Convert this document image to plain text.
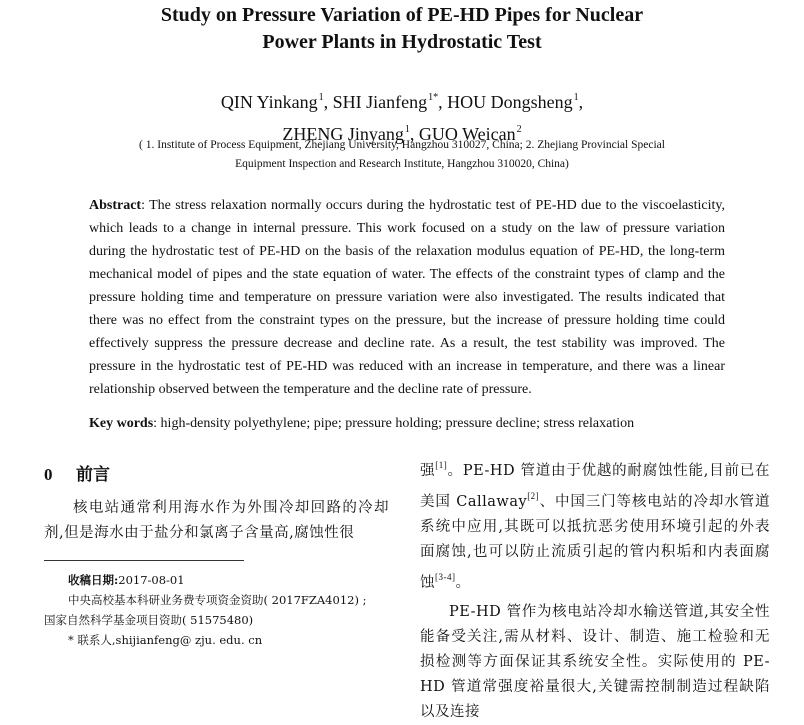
Study on Pressure Variation of PE-HD Pipes for Nuclear
Power Plants in Hydrostatic Test
QIN Yinkang$^1$, SHI Jianfeng$^{1*}$, HOU Dongsheng$^1$,
ZHENG Jinyang$^1$, GUO Weican$^2$
( 1. Institute of Process Equipment, Zhejiang University, Hangzhou 310027, China; 2. Zhejiang Provincial Special
Equipment Inspection and Research Institute, Hangzhou 310020, China)
Abstract: The stress relaxation normally occurs during the hydrostatic test of PE-HD due to the viscoelasticity, which leads to a change in internal pressure. This work focused on a study on the law of pressure variation during the hydrostatic test of PE-HD on the basis of the relaxation modulus equation of PE-HD, the long-term mechanical model of pipes and the state equation of water. The effects of the constraint types of clamp and the pressure holding time and temperature on pressure variation were also investigated. The results indicated that there was no effect from the constraint types on the pressure, but the increase of pressure holding time could effectively suppress the pressure decrease and decline rate. As a result, the test stability was improved. The pressure in the hydrostatic test of PE-HD was reduced with an increase in temperature, and there was a linear relationship observed between the temperature and the decline rate of pressure.
Key words: high-density polyethylene; pipe; pressure holding; pressure decline; stress relaxation
0 前言
核电站通常利用海水作为外围冷却回路的冷却剂,但是海水由于盐分和氯离子含量高,腐蚀性很
收稿日期:2017-08-01
中央高校基本科研业务费专项资金资助( 2017FZA4012) ;
国家自然科学基金项目资助( 51575480)
* 联系人,shijianfeng@ zju. edu. cn
强[1]。PE-HD 管道由于优越的耐腐蚀性能,目前已在美国 Callaway[2]、中国三门等核电站的冷却水管道系统中应用,其既可以抵抗恶劣使用环境引起的外表面腐蚀,也可以防止流质引起的管内积垢和内表面腐蚀[3-4]。
PE-HD 管作为核电站冷却水输送管道,其安全性能备受关注,需从材料、设计、制造、施工检验和无损检测等方面保证其系统安全性。实际使用的 PE-HD 管道常强度裕量很大,关键需控制制造过程缺陷以及连接
